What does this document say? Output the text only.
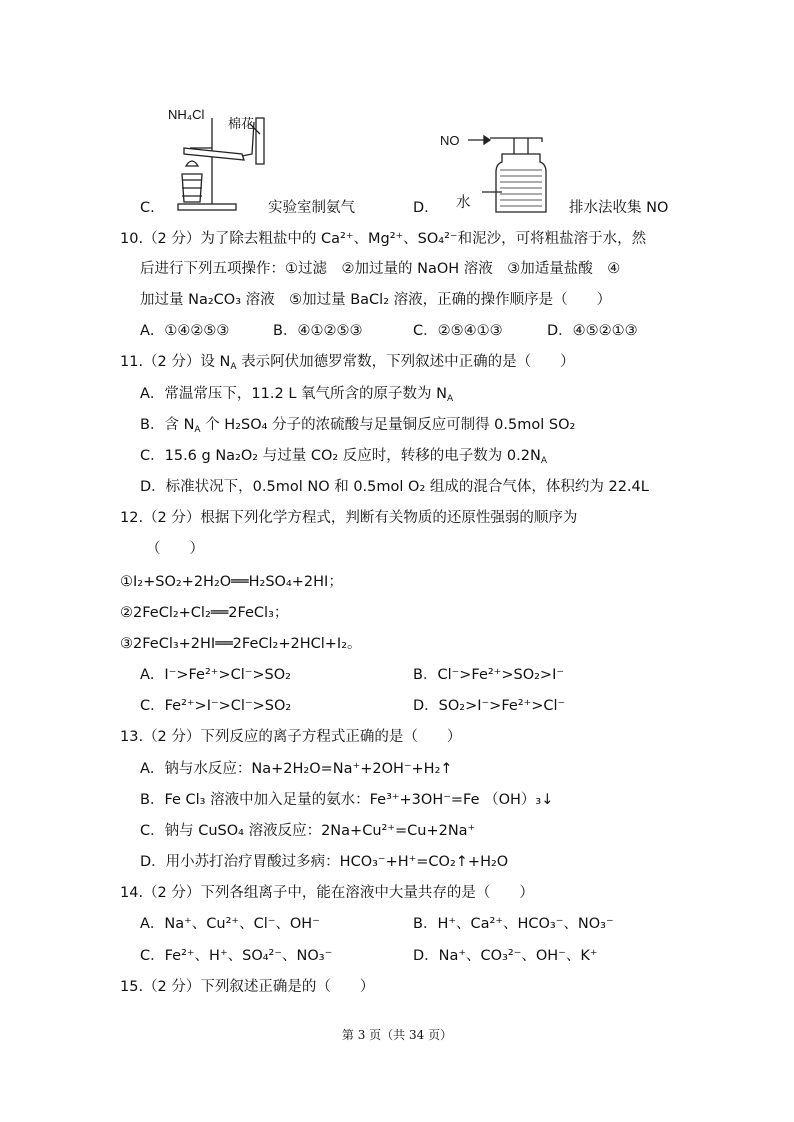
NH₄Cl
棉花
C.	实验室制氨气
NO
水
D.	排水法收集 NO
10.（2 分）为了除去粗盐中的 Ca²⁺、Mg²⁺、SO₄²⁻和泥沙，可将粗盐溶于水，然
后进行下列五项操作：①过滤　②加过量的 NaOH 溶液　③加适量盐酸　④
加过量 Na₂CO₃ 溶液　⑤加过量 BaCl₂ 溶液，正确的操作顺序是（　　）
A．①④②⑤③	B．④①②⑤③	C．②⑤④①③	D．④⑤②①③
11.（2 分）设 $N_A$ 表示阿伏加德罗常数，下列叙述中正确的是（　　）
A．常温常压下，11.2 L 氧气所含的原子数为 $N_A$
B．含 $N_A$ 个 H₂SO₄ 分子的浓硫酸与足量铜反应可制得 0.5mol SO₂
C．15.6 g Na₂O₂ 与过量 CO₂ 反应时，转移的电子数为 $0.2N_A$
D．标准状况下，0.5mol NO 和 0.5mol O₂ 组成的混合气体，体积约为 22.4L
12.（2 分）根据下列化学方程式，判断有关物质的还原性强弱的顺序为
（　　）
①I₂+SO₂+2H₂O══H₂SO₄+2HI；
②2FeCl₂+Cl₂══2FeCl₃；
③2FeCl₃+2HI══2FeCl₂+2HCl+I₂。
A．I⁻>Fe²⁺>Cl⁻>SO₂	B．Cl⁻>Fe²⁺>SO₂>I⁻
C．Fe²⁺>I⁻>Cl⁻>SO₂	D．SO₂>I⁻>Fe²⁺>Cl⁻
13.（2 分）下列反应的离子方程式正确的是（　　）
A．钠与水反应：Na+2H₂O=Na⁺+2OH⁻+H₂↑
B．Fe Cl₃ 溶液中加入足量的氨水：Fe³⁺+3OH⁻=Fe （OH）₃↓
C．钠与 CuSO₄ 溶液反应：2Na+Cu²⁺=Cu+2Na⁺
D．用小苏打治疗胃酸过多病：HCO₃⁻+H⁺=CO₂↑+H₂O
14.（2 分）下列各组离子中，能在溶液中大量共存的是（　　）
A．Na⁺、Cu²⁺、Cl⁻、OH⁻	B．H⁺、Ca²⁺、HCO₃⁻、NO₃⁻
C．Fe²⁺、H⁺、SO₄²⁻、NO₃⁻	D．Na⁺、CO₃²⁻、OH⁻、K⁺
15.（2 分）下列叙述正确是的（　　）
第 3 页（共 34 页）
